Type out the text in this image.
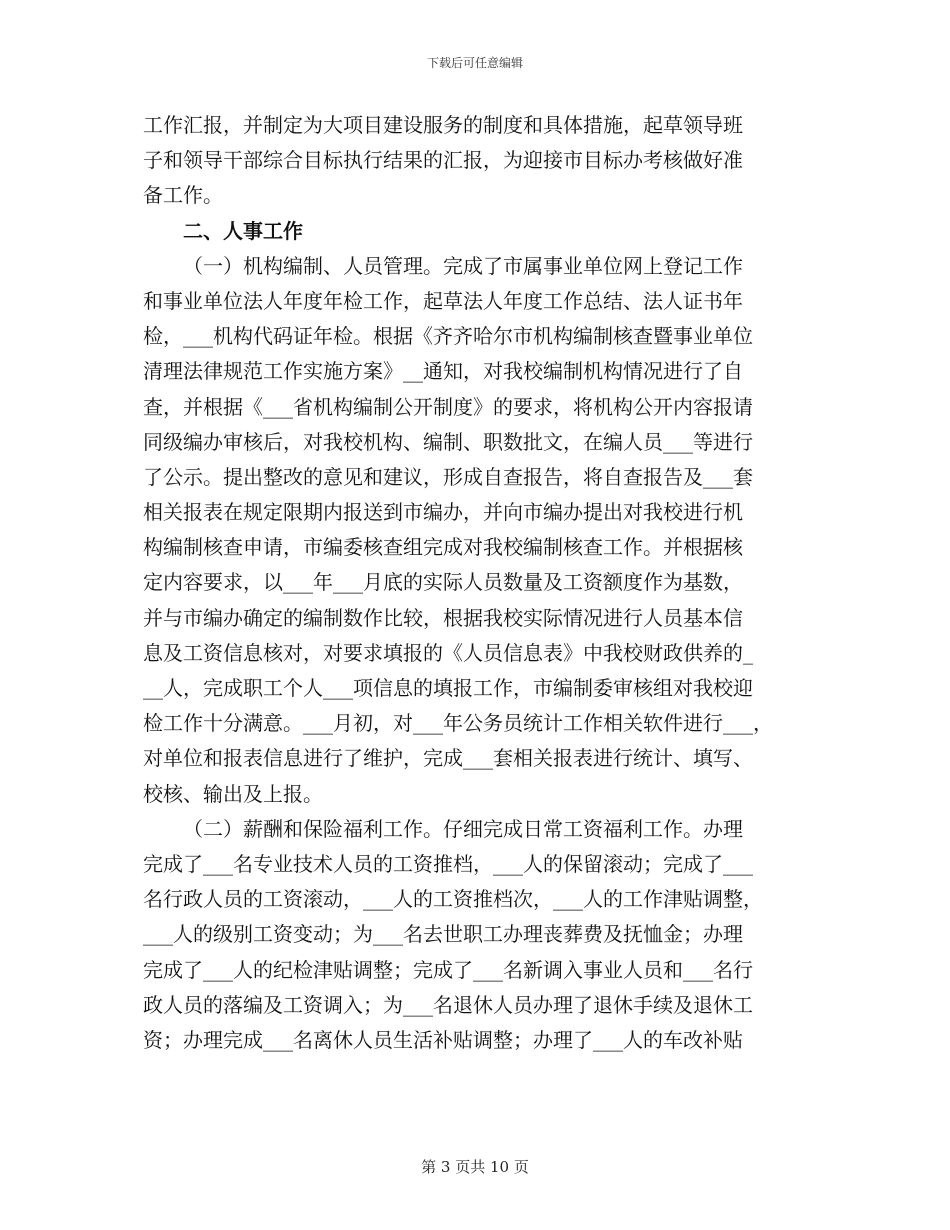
下载后可任意编辑
工作汇报，并制定为大项目建设服务的制度和具体措施，起草领导班
子和领导干部综合目标执行结果的汇报，为迎接市目标办考核做好准
备工作。
二、人事工作
（一）机构编制、人员管理。完成了市属事业单位网上登记工作
和事业单位法人年度年检工作，起草法人年度工作总结、法人证书年
检，___机构代码证年检。根据《齐齐哈尔市机构编制核查暨事业单位
清理法律规范工作实施方案》__通知，对我校编制机构情况进行了自
查，并根据《___省机构编制公开制度》的要求，将机构公开内容报请
同级编办审核后，对我校机构、编制、职数批文，在编人员___等进行
了公示。提出整改的意见和建议，形成自查报告，将自查报告及___套
相关报表在规定限期内报送到市编办，并向市编办提出对我校进行机
构编制核查申请，市编委核查组完成对我校编制核查工作。并根据核
定内容要求，以___年___月底的实际人员数量及工资额度作为基数，
并与市编办确定的编制数作比较，根据我校实际情况进行人员基本信
息及工资信息核对，对要求填报的《人员信息表》中我校财政供养的_
__人，完成职工个人___项信息的填报工作，市编制委审核组对我校迎
检工作十分满意。___月初，对___年公务员统计工作相关软件进行___，
对单位和报表信息进行了维护，完成___套相关报表进行统计、填写、
校核、输出及上报。
（二）薪酬和保险福利工作。仔细完成日常工资福利工作。办理
完成了___名专业技术人员的工资推档，___人的保留滚动；完成了___
名行政人员的工资滚动，___人的工资推档次，___人的工作津贴调整，
___人的级别工资变动；为___名去世职工办理丧葬费及抚恤金；办理
完成了___人的纪检津贴调整；完成了___名新调入事业人员和___名行
政人员的落编及工资调入；为___名退休人员办理了退休手续及退休工
资；办理完成___名离休人员生活补贴调整；办理了___人的车改补贴
第 3 页共 10 页
